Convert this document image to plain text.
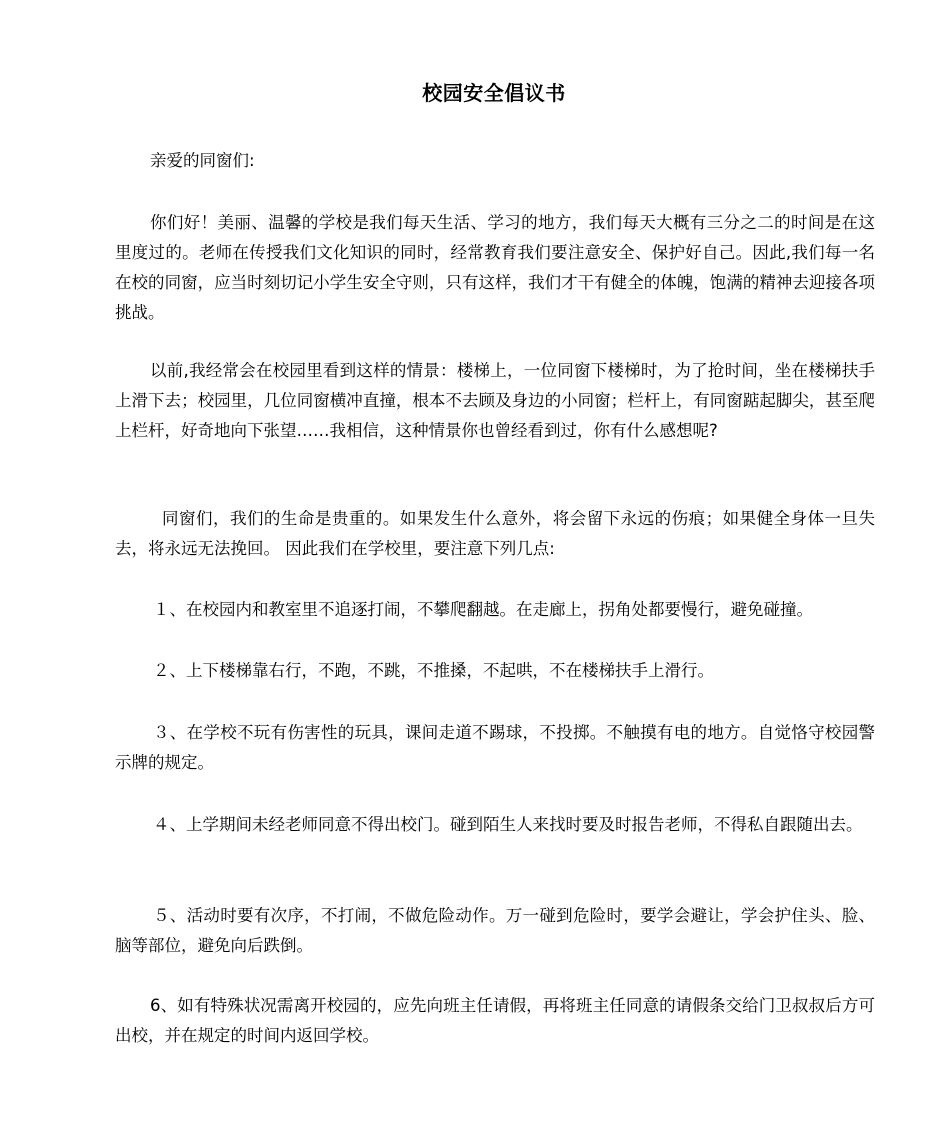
校园安全倡议书
亲爱的同窗们:
你们好！美丽、温馨的学校是我们每天生活、学习的地方，我们每天大概有三分之二的时间是在这里度过的。老师在传授我们文化知识的同时，经常教育我们要注意安全、保护好自己。因此,我们每一名在校的同窗，应当时刻切记小学生安全守则，只有这样，我们才干有健全的体魄，饱满的精神去迎接各项挑战。
以前,我经常会在校园里看到这样的情景：楼梯上，一位同窗下楼梯时，为了抢时间，坐在楼梯扶手上滑下去；校园里，几位同窗横冲直撞，根本不去顾及身边的小同窗；栏杆上，有同窗踮起脚尖，甚至爬上栏杆，好奇地向下张望……我相信，这种情景你也曾经看到过，你有什么感想呢?
同窗们，我们的生命是贵重的。如果发生什么意外，将会留下永远的伤痕；如果健全身体一旦失去，将永远无法挽回。 因此我们在学校里，要注意下列几点:
１、在校园内和教室里不追逐打闹，不攀爬翻越。在走廊上，拐角处都要慢行，避免碰撞。
２、上下楼梯靠右行，不跑，不跳，不推搡，不起哄，不在楼梯扶手上滑行。
３、在学校不玩有伤害性的玩具，课间走道不踢球，不投掷。不触摸有电的地方。自觉恪守校园警示牌的规定。
４、上学期间未经老师同意不得出校门。碰到陌生人来找时要及时报告老师，不得私自跟随出去。
５、活动时要有次序，不打闹，不做危险动作。万一碰到危险时，要学会避让，学会护住头、脸、脑等部位，避免向后跌倒。
6、如有特殊状况需离开校园的，应先向班主任请假，再将班主任同意的请假条交给门卫叔叔后方可出校，并在规定的时间内返回学校。
